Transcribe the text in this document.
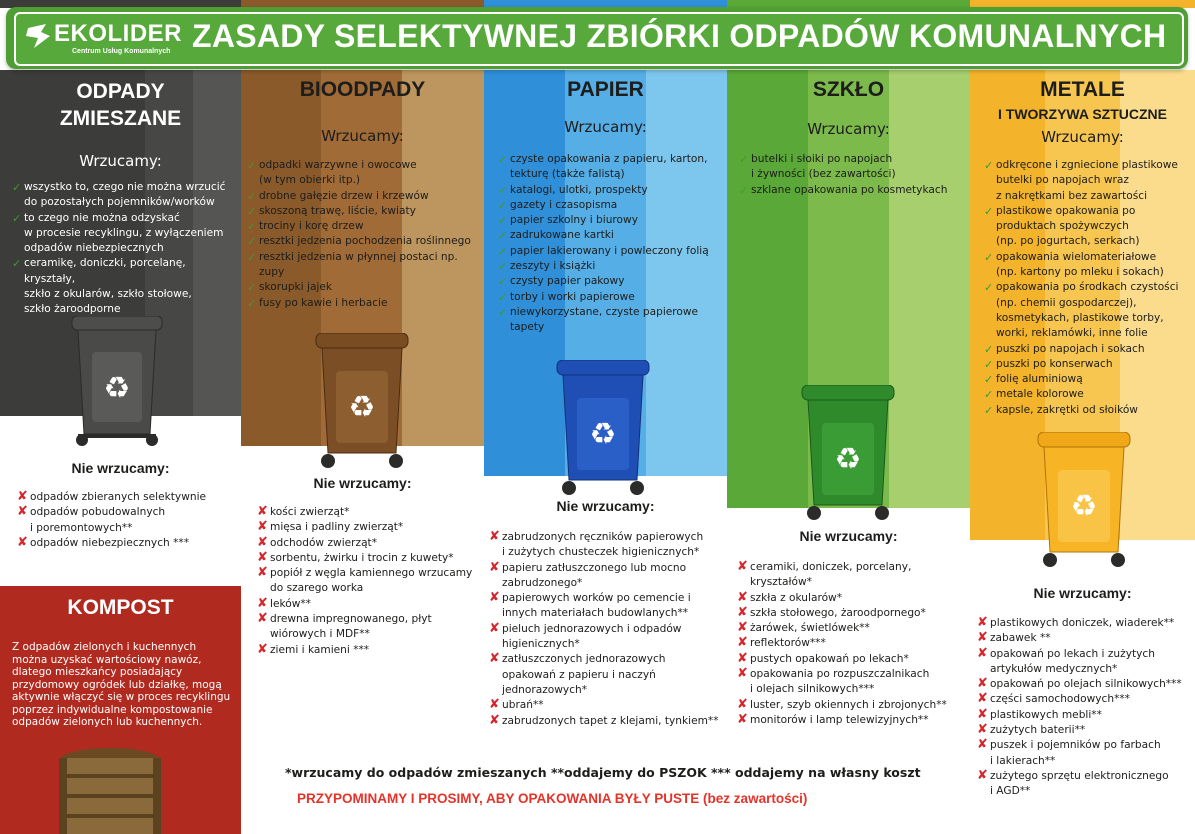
EKOLIDER
Centrum Usług Komunalnych ZASADY SELEKTYWNEJ ZBIÓRKI ODPADÓW KOMUNALNYCH
ODPADY
ZMIESZANE
Wrzucamy:
✓ wszystko to, czego nie można wrzucić
do pozostałych pojemników/worków
✓ to czego nie można odzyskać
w procesie recyklingu, z wyłączeniem
odpadów niebezpiecznych
✓ ceramikę, doniczki, porcelanę, kryształy,
szkło z okularów, szkło stołowe,
szkło żaroodporne
♻
Nie wrzucamy:
✘ odpadów zbieranych selektywnie
✘ odpadów pobudowalnych
i poremontowych**
✘ odpadów niebezpiecznych ***
BIOODPADY
Wrzucamy:
✓ odpadki warzywne i owocowe
(w tym obierki itp.)
✓ drobne gałęzie drzew i krzewów
✓ skoszoną trawę, liście, kwiaty
✓ trociny i korę drzew
✓ resztki jedzenia pochodzenia roślinnego
✓ resztki jedzenia w płynnej postaci np.
zupy
✓ skorupki jajek
✓ fusy po kawie i herbacie
♻
Nie wrzucamy:
✘ kości zwierząt*
✘ mięsa i padliny zwierząt*
✘ odchodów zwierząt*
✘ sorbentu, żwirku i trocin z kuwety*
✘ popiół z węgla kamiennego wrzucamy
do szarego worka
✘ leków**
✘ drewna impregnowanego, płyt
wiórowych i MDF**
✘ ziemi i kamieni ***
PAPIER
Wrzucamy:
✓ czyste opakowania z papieru, karton,
tekturę (także falistą)
✓ katalogi, ulotki, prospekty
✓ gazety i czasopisma
✓ papier szkolny i biurowy
✓ zadrukowane kartki
✓ papier lakierowany i powleczony folią
✓ zeszyty i książki
✓ czysty papier pakowy
✓ torby i worki papierowe
✓ niewykorzystane, czyste papierowe
tapety
♻
Nie wrzucamy:
✘ zabrudzonych ręczników papierowych
i zużytych chusteczek higienicznych*
✘ papieru zatłuszczonego lub mocno
zabrudzonego*
✘ papierowych worków po cemencie i
innych materiałach budowlanych**
✘ pieluch jednorazowych i odpadów
higienicznych*
✘ zatłuszczonych jednorazowych
opakowań z papieru i naczyń
jednorazowych*
✘ ubrań**
✘ zabrudzonych tapet z klejami, tynkiem**
SZKŁO
Wrzucamy:
✓ butelki i słoiki po napojach
i żywności (bez zawartości)
✓ szklane opakowania po kosmetykach
♻
Nie wrzucamy:
✘ ceramiki, doniczek, porcelany,
kryształów*
✘ szkła z okularów*
✘ szkła stołowego, żaroodpornego*
✘ żarówek, świetlówek**
✘ reflektorów***
✘ pustych opakowań po lekach*
✘ opakowania po rozpuszczalnikach
i olejach silnikowych***
✘ luster, szyb okiennych i zbrojonych**
✘ monitorów i lamp telewizyjnych**
METALE
I TWORZYWA SZTUCZNE
Wrzucamy:
✓ odkręcone i zgniecione plastikowe
butelki po napojach wraz
z nakrętkami bez zawartości
✓ plastikowe opakowania po
produktach spożywczych
(np. po jogurtach, serkach)
✓ opakowania wielomateriałowe
(np. kartony po mleku i sokach)
✓ opakowania po środkach czystości
(np. chemii gospodarczej),
kosmetykach, plastikowe torby,
worki, reklamówki, inne folie
✓ puszki po napojach i sokach
✓ puszki po konserwach
✓ folię aluminiową
✓ metale kolorowe
✓ kapsle, zakrętki od słoików
♻
Nie wrzucamy:
✘ plastikowych doniczek, wiaderek**
✘ zabawek **
✘ opakowań po lekach i zużytych
artykułów medycznych*
✘ opakowań po olejach silnikowych***
✘ części samochodowych***
✘ plastikowych mebli**
✘ zużytych baterii**
✘ puszek i pojemników po farbach
i lakierach**
✘ zużytego sprzętu elektronicznego
i AGD**
KOMPOST
Z odpadów zielonych i kuchennych można uzyskać wartościowy nawóz, dlatego mieszkańcy posiadający przydomowy ogródek lub działkę, mogą aktywnie włączyć się w proces recyklingu poprzez indywidualne kompostowanie odpadów zielonych lub kuchennych.
*wrzucamy do odpadów zmieszanych **oddajemy do PSZOK *** oddajemy na własny koszt
PRZYPOMINAMY I PROSIMY, ABY OPAKOWANIA BYŁY PUSTE (bez zawartości)
